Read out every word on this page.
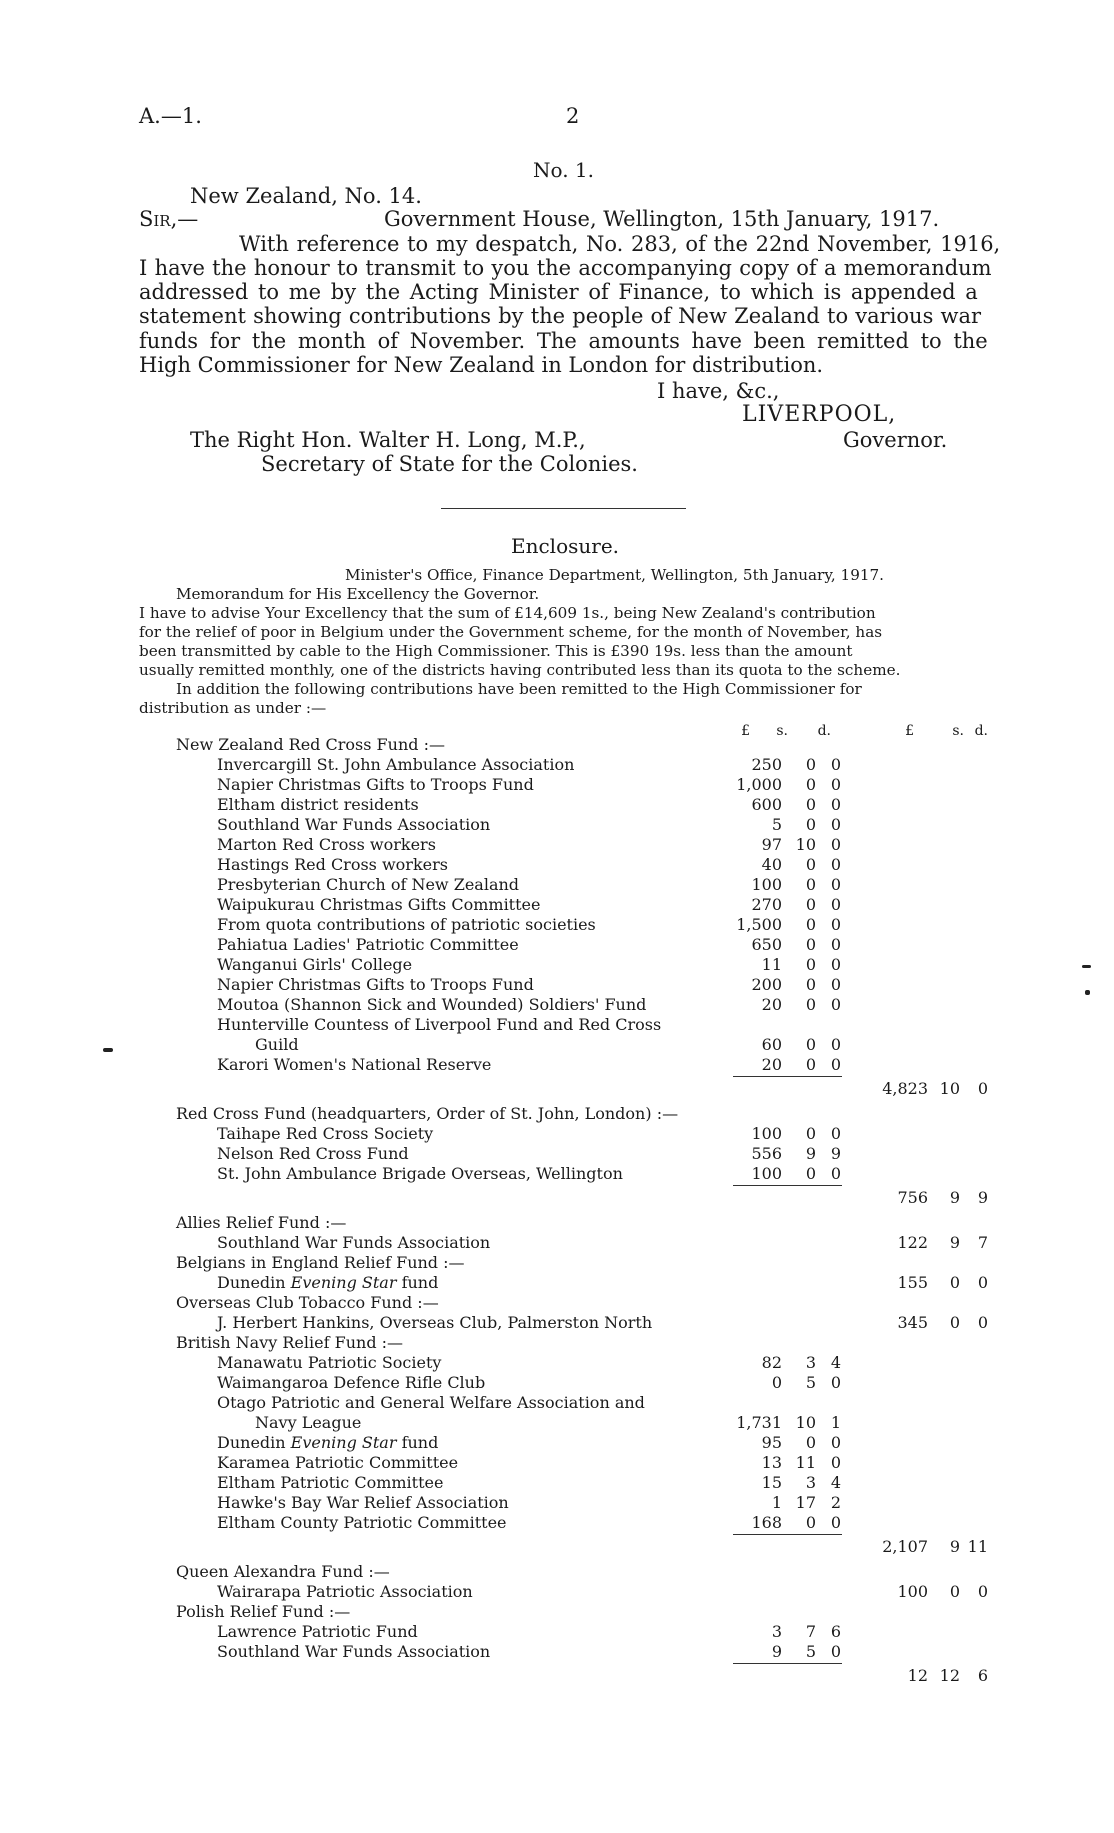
A.—1.	2
No. 1.
New Zealand, No. 14.
Sir,—	Government House, Wellington, 15th January, 1917.
With reference to my despatch, No. 283, of the 22nd November, 1916,
I have the honour to transmit to you the accompanying copy of a memorandum
addressed to me by the Acting Minister of Finance, to which is appended a
statement showing contributions by the people of New Zealand to various war
funds for the month of November. The amounts have been remitted to the
High Commissioner for New Zealand in London for distribution.
I have, &c.,
LIVERPOOL,
The Right Hon. Walter H. Long, M.P.,	Governor.
Secretary of State for the Colonies.
Enclosure.
Minister's Office, Finance Department, Wellington, 5th January, 1917.
Memorandum for His Excellency the Governor.
I have to advise Your Excellency that the sum of £14,609 1s., being New Zealand's contribution
for the relief of poor in Belgium under the Government scheme, for the month of November, has
been transmitted by cable to the High Commissioner. This is £390 19s. less than the amount
usually remitted monthly, one of the districts having contributed less than its quota to the scheme.
In addition the following contributions have been remitted to the High Commissioner for
distribution as under :—
£	s.	d.	£	s. d.
New Zealand Red Cross Fund :—
Invercargill St. John Ambulance Association	250	0 0
Napier Christmas Gifts to Troops Fund	1,000	0 0
Eltham district residents	600	0 0
Southland War Funds Association	5	0 0
Marton Red Cross workers	97 10 0
Hastings Red Cross workers	40	0 0
Presbyterian Church of New Zealand	100	0 0
Waipukurau Christmas Gifts Committee	270	0 0
From quota contributions of patriotic societies	1,500	0 0
Pahiatua Ladies' Patriotic Committee	650	0 0
Wanganui Girls' College	11	0 0
Napier Christmas Gifts to Troops Fund	200	0 0
Moutoa (Shannon Sick and Wounded) Soldiers' Fund	20	0 0
Hunterville Countess of Liverpool Fund and Red Cross
Guild	60	0 0
Karori Women's National Reserve	20	0 0
4,823 10	0
Red Cross Fund (headquarters, Order of St. John, London) :—
Taihape Red Cross Society	100	0 0
Nelson Red Cross Fund	556	9 9
St. John Ambulance Brigade Overseas, Wellington	100	0 0
756	9	9
Allies Relief Fund :—
Southland War Funds Association	122	9	7
Belgians in England Relief Fund :—
Dunedin Evening Star fund	155	0	0
Overseas Club Tobacco Fund :—
J. Herbert Hankins, Overseas Club, Palmerston North	345	0	0
British Navy Relief Fund :—
Manawatu Patriotic Society	82	3 4
Waimangaroa Defence Rifle Club	0	5 0
Otago Patriotic and General Welfare Association and
Navy League	1,731 10 1
Dunedin Evening Star fund	95	0 0
Karamea Patriotic Committee	13 11 0
Eltham Patriotic Committee	15	3 4
Hawke's Bay War Relief Association	1 17 2
Eltham County Patriotic Committee	168	0 0
2,107	9 11
Queen Alexandra Fund :—
Wairarapa Patriotic Association	100	0	0
Polish Relief Fund :—
Lawrence Patriotic Fund	3	7 6
Southland War Funds Association	9	5 0
12 12	6
